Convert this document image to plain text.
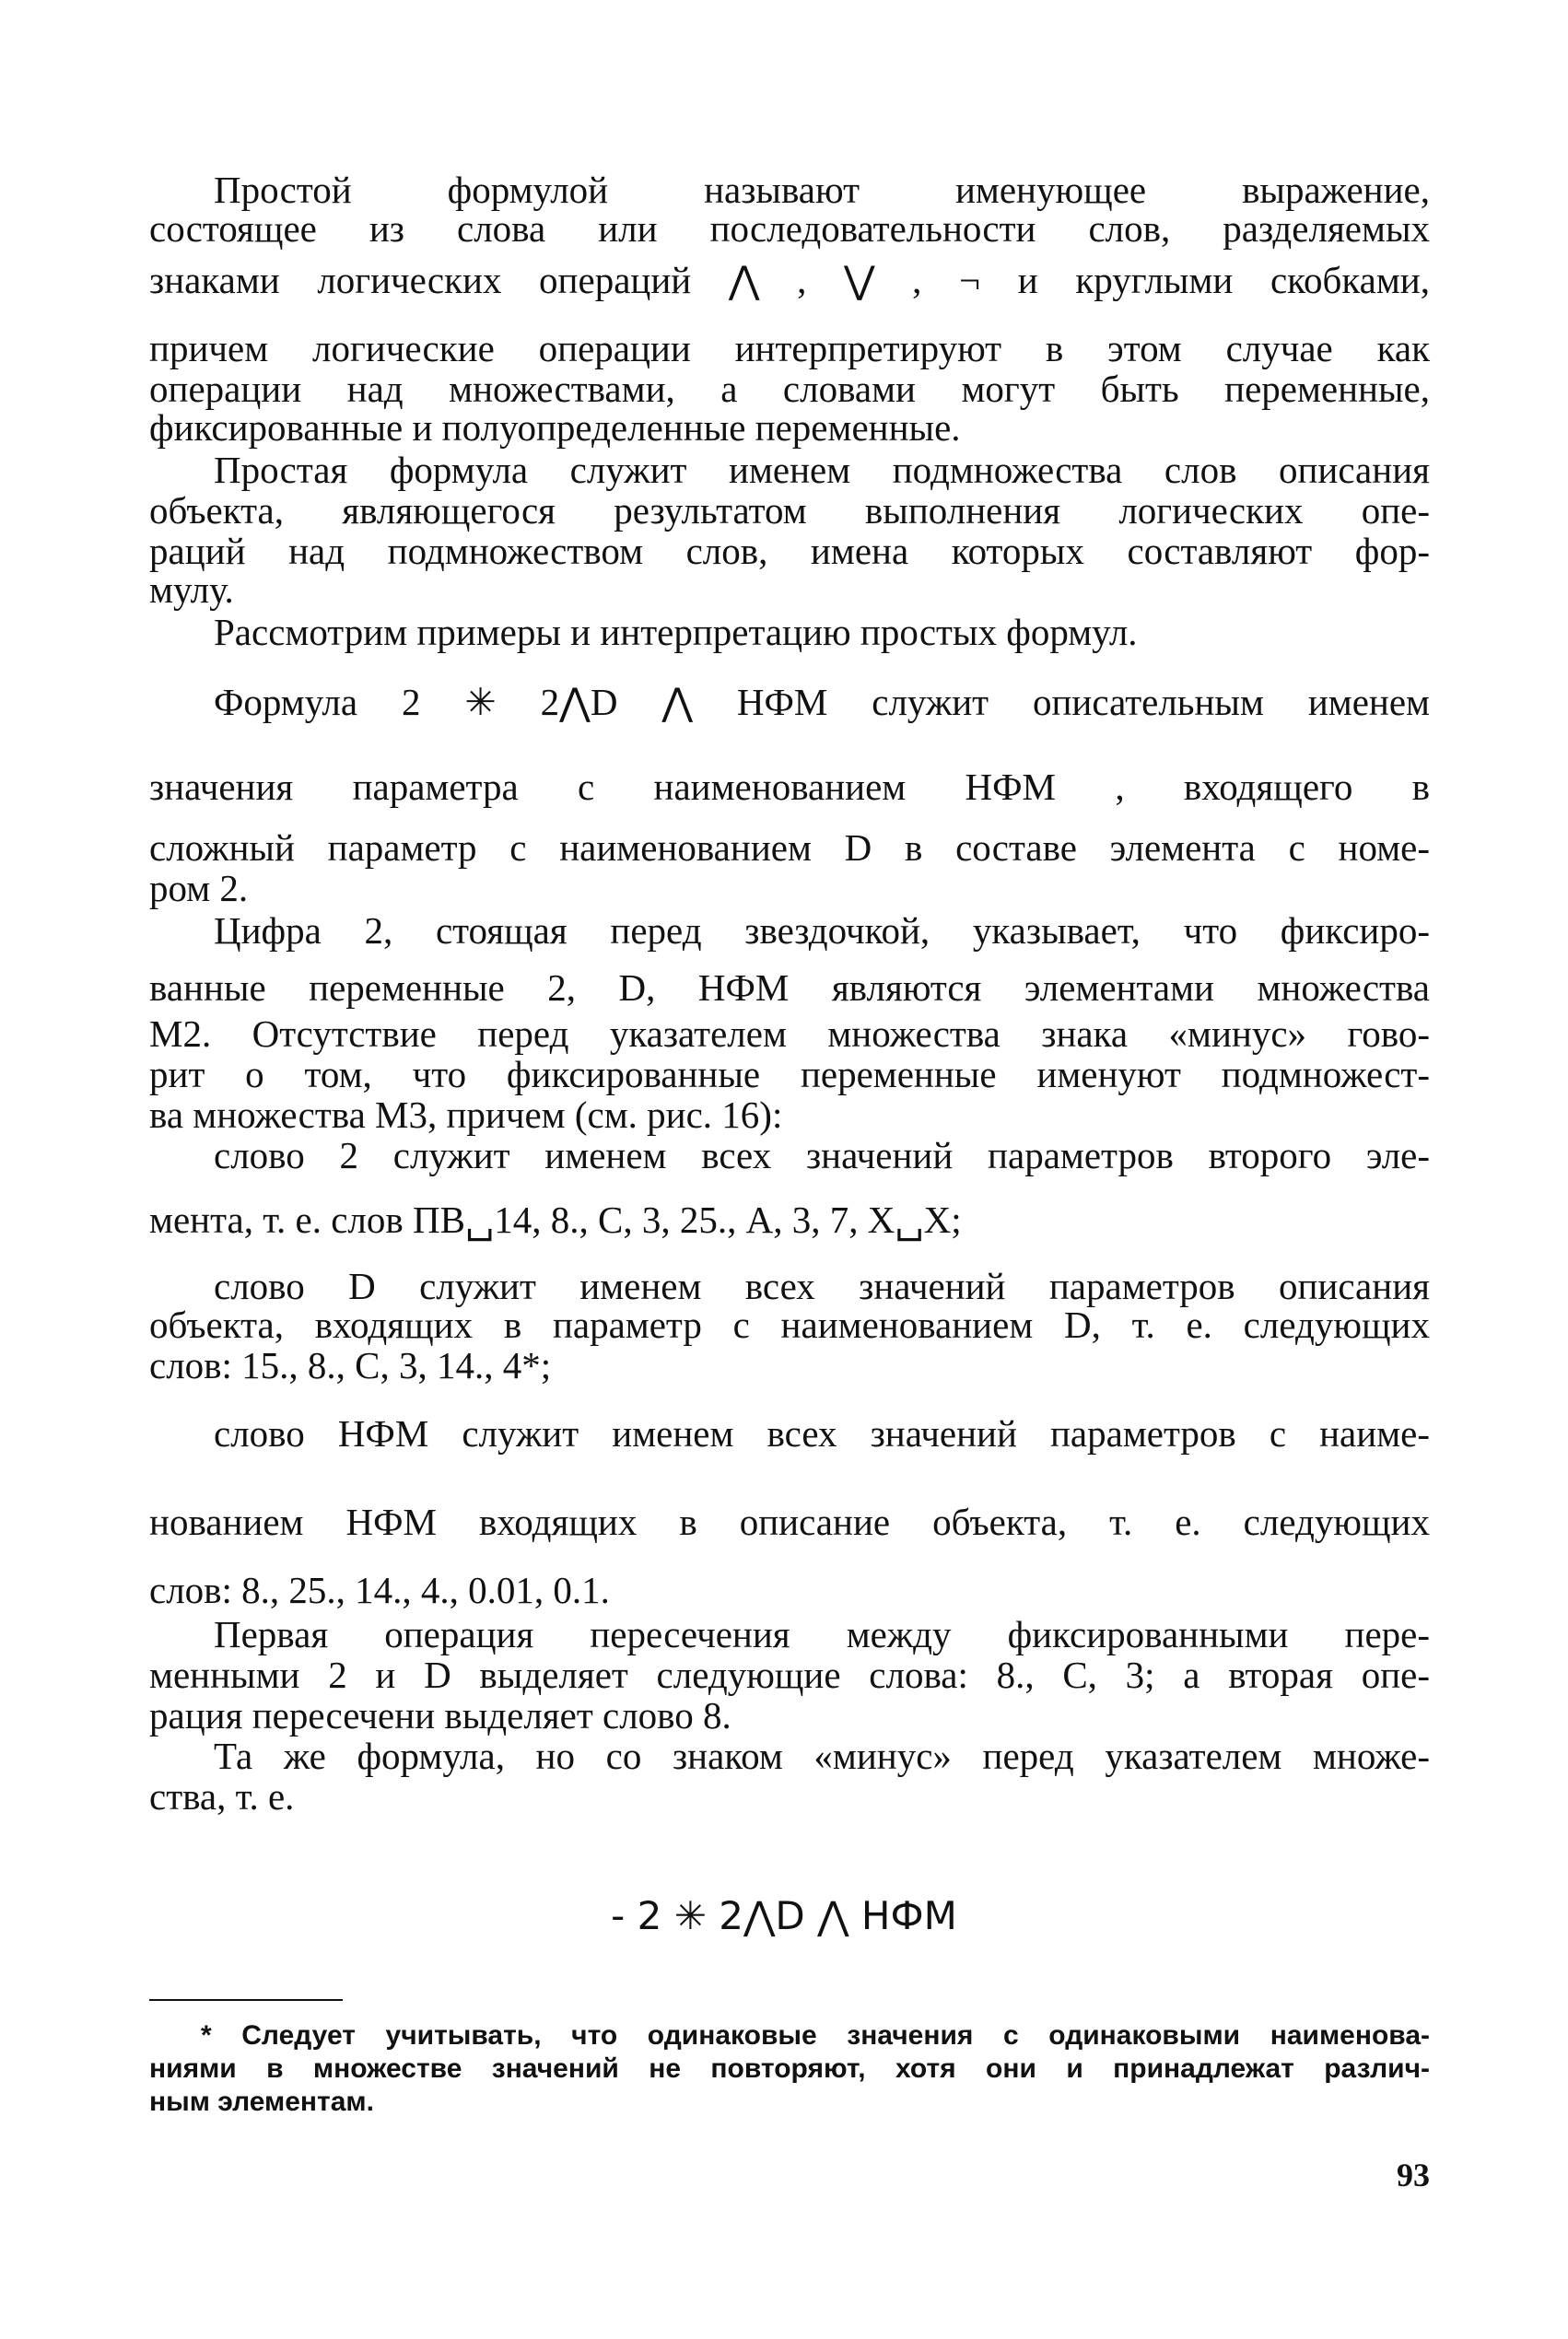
Простой формулой называют именующее выражение,
состоящее из слова или последовательности слов, разделяемых
знаками логических операций ⋀ , ⋁ , ¬ и круглыми скобками,
причем логические операции интерпретируют в этом случае как
операции над множествами, а словами могут быть переменные,
фиксированные и полуопределенные переменные.
Простая формула служит именем подмножества слов описания
объекта, являющегося результатом выполнения логических опе-
раций над подмножеством слов, имена которых составляют фор-
мулу.
Рассмотрим примеры и интерпретацию простых формул.
Формула 2 ✳ 2⋀D ⋀ НФМ служит описательным именем
значения параметра с наименованием НФМ , входящего в
сложный параметр с наименованием D в составе элемента с номе-
ром 2.
Цифра 2, стоящая перед звездочкой, указывает, что фиксиро-
ванные переменные 2, D, НФМ являются элементами множества
М2. Отсутствие перед указателем множества знака «минус» гово-
рит о том, что фиксированные переменные именуют подмножест-
ва множества М3, причем (см. рис. 16):
слово 2 служит именем всех значений параметров второго эле-
мента, т. е. слов ПВ␣14, 8., С, 3, 25., А, 3, 7, Х␣Х;
слово D служит именем всех значений параметров описания
объекта, входящих в параметр с наименованием D, т. е. следующих
слов: 15., 8., С, 3, 14., 4*;
слово НФМ служит именем всех значений параметров с наиме-
нованием НФМ входящих в описание объекта, т. е. следующих
слов: 8., 25., 14., 4., 0.01, 0.1.
Первая операция пересечения между фиксированными пере-
менными 2 и D выделяет следующие слова: 8., С, 3; а вторая опе-
рация пересечени выделяет слово 8.
Та же формула, но со знаком «минус» перед указателем множе-
ства, т. е.
- 2 ✳ 2⋀D ⋀ НФМ
* Следует учитывать, что одинаковые значения с одинаковыми наименова-
ниями в множестве значений не повторяют, хотя они и принадлежат различ-
ным элементам.
93
